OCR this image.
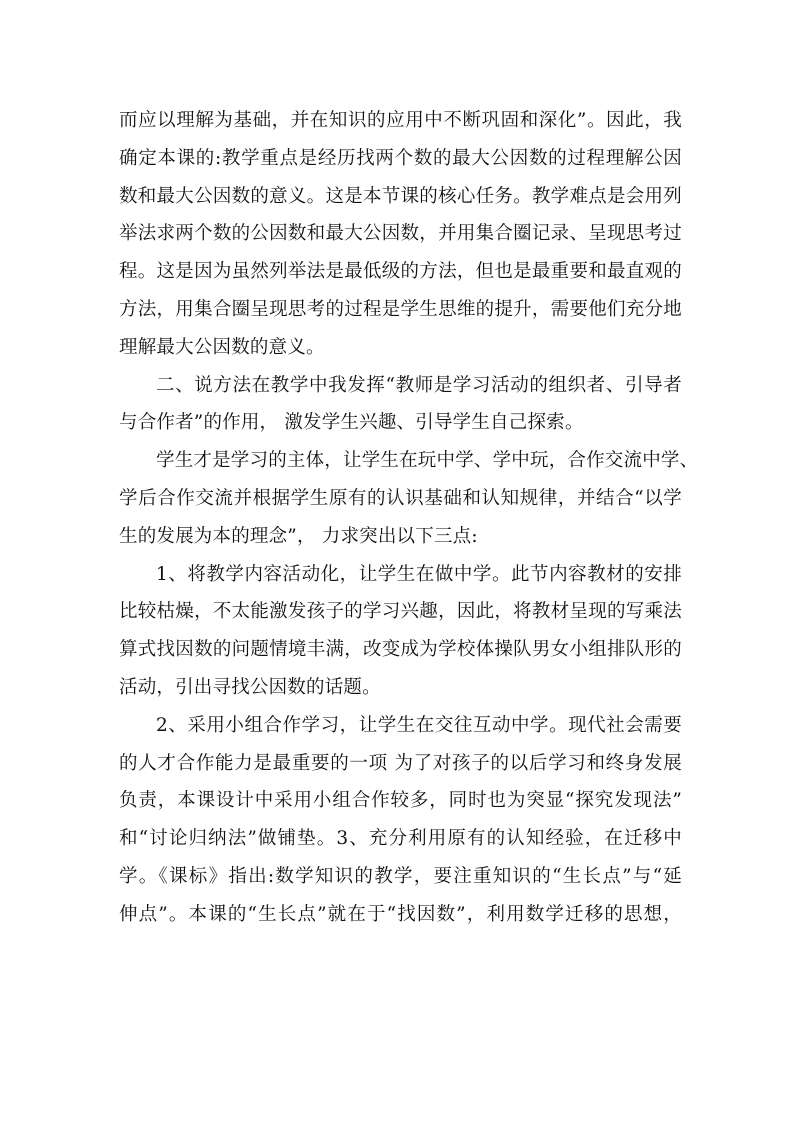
而应以理解为基础，并在知识的应用中不断巩固和深化”。因此，我
确定本课的:教学重点是经历找两个数的最大公因数的过程理解公因
数和最大公因数的意义。这是本节课的核心任务。教学难点是会用列
举法求两个数的公因数和最大公因数，并用集合圈记录、呈现思考过
程。这是因为虽然列举法是最低级的方法，但也是最重要和最直观的
方法，用集合圈呈现思考的过程是学生思维的提升，需要他们充分地
理解最大公因数的意义。
二、说方法在教学中我发挥“教师是学习活动的组织者、引导者
与合作者”的作用， 激发学生兴趣、引导学生自己探索。
学生才是学习的主体，让学生在玩中学、学中玩，合作交流中学、
学后合作交流并根据学生原有的认识基础和认知规律，并结合“以学
生的发展为本的理念”， 力求突出以下三点:
1、将教学内容活动化，让学生在做中学。此节内容教材的安排
比较枯燥，不太能激发孩子的学习兴趣，因此，将教材呈现的写乘法
算式找因数的问题情境丰满，改变成为学校体操队男女小组排队形的
活动，引出寻找公因数的话题。
2、采用小组合作学习，让学生在交往互动中学。现代社会需要
的人才合作能力是最重要的一项 为了对孩子的以后学习和终身发展
负责，本课设计中采用小组合作较多，同时也为突显“探究发现法”
和“讨论归纳法”做铺垫。3、充分利用原有的认知经验，在迁移中
学。《课标》指出:数学知识的教学，要注重知识的“生长点”与“延
伸点”。本课的“生长点”就在于“找因数”，利用数学迁移的思想，
